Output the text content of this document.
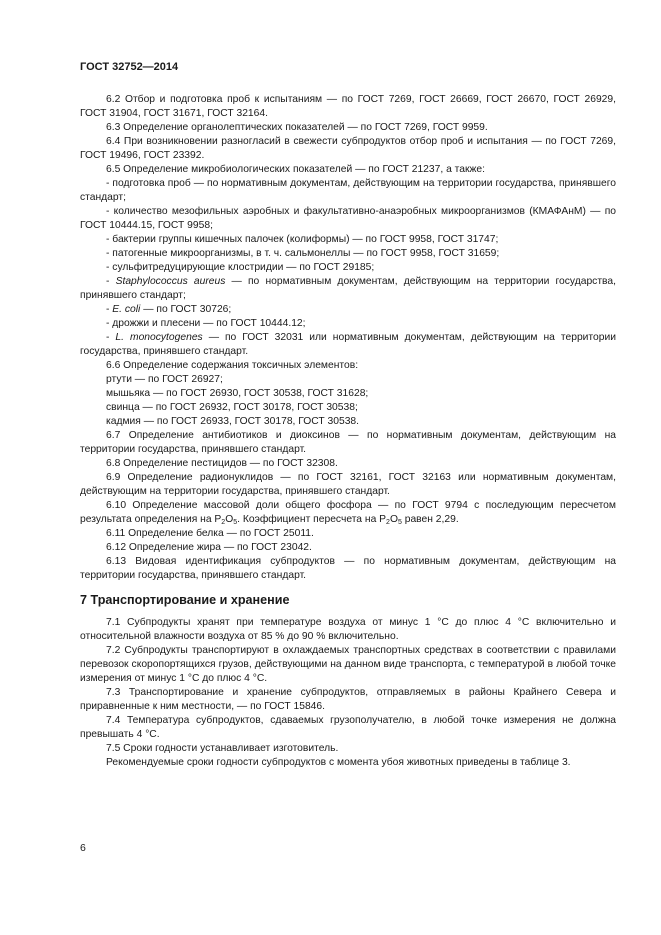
ГОСТ 32752—2014

6.2 Отбор и подготовка проб к испытаниям — по ГОСТ 7269, ГОСТ 26669, ГОСТ 26670, ГОСТ 26929, ГОСТ 31904, ГОСТ 31671, ГОСТ 32164.

6.3 Определение органолептических показателей — по ГОСТ 7269, ГОСТ 9959.

6.4 При возникновении разногласий в свежести субпродуктов отбор проб и испытания — по ГОСТ 7269, ГОСТ 19496, ГОСТ 23392.

6.5 Определение микробиологических показателей — по ГОСТ 21237, а также:

- подготовка проб — по нормативным документам, действующим на территории государства, принявшего стандарт;

- количество мезофильных аэробных и факультативно-анаэробных микроорганизмов (КМАФАнМ) — по ГОСТ 10444.15, ГОСТ 9958;

- бактерии группы кишечных палочек (колиформы) — по ГОСТ 9958, ГОСТ 31747;

- патогенные микроорганизмы, в т. ч. сальмонеллы — по ГОСТ 9958, ГОСТ 31659;

- сульфитредуцирующие клостридии — по ГОСТ 29185;

- Staphylococcus aureus — по нормативным документам, действующим на территории государства, принявшего стандарт;

- E. coli — по ГОСТ 30726;

- дрожжи и плесени — по ГОСТ 10444.12;

- L. monocytogenes — по ГОСТ 32031 или нормативным документам, действующим на территории государства, принявшего стандарт.

6.6 Определение содержания токсичных элементов:

ртути — по ГОСТ 26927;

мышьяка — по ГОСТ 26930, ГОСТ 30538, ГОСТ 31628;

свинца — по ГОСТ 26932, ГОСТ 30178, ГОСТ 30538;

кадмия — по ГОСТ 26933, ГОСТ 30178, ГОСТ 30538.

6.7 Определение антибиотиков и диоксинов — по нормативным документам, действующим на территории государства, принявшего стандарт.

6.8 Определение пестицидов — по ГОСТ 32308.

6.9 Определение радионуклидов — по ГОСТ 32161, ГОСТ 32163 или нормативным документам, действующим на территории государства, принявшего стандарт.

6.10 Определение массовой доли общего фосфора — по ГОСТ 9794 с последующим пересчетом результата определения на $P_2O_5$. Коэффициент пересчета на $P_2O_5$ равен 2,29.

6.11 Определение белка — по ГОСТ 25011.

6.12 Определение жира — по ГОСТ 23042.

6.13 Видовая идентификация субпродуктов — по нормативным документам, действующим на территории государства, принявшего стандарт.

7 Транспортирование и хранение

7.1 Субпродукты хранят при температуре воздуха от минус 1 °С до плюс 4 °С включительно и относительной влажности воздуха от 85 % до 90 % включительно.

7.2 Субпродукты транспортируют в охлаждаемых транспортных средствах в соответствии с правилами перевозок скоропортящихся грузов, действующими на данном виде транспорта, с температурой в любой точке измерения от минус 1 °С до плюс 4 °С.

7.3 Транспортирование и хранение субпродуктов, отправляемых в районы Крайнего Севера и приравненные к ним местности, — по ГОСТ 15846.

7.4 Температура субпродуктов, сдаваемых грузополучателю, в любой точке измерения не должна превышать 4 °С.

7.5 Сроки годности устанавливает изготовитель.

Рекомендуемые сроки годности субпродуктов с момента убоя животных приведены в таблице 3.

6
